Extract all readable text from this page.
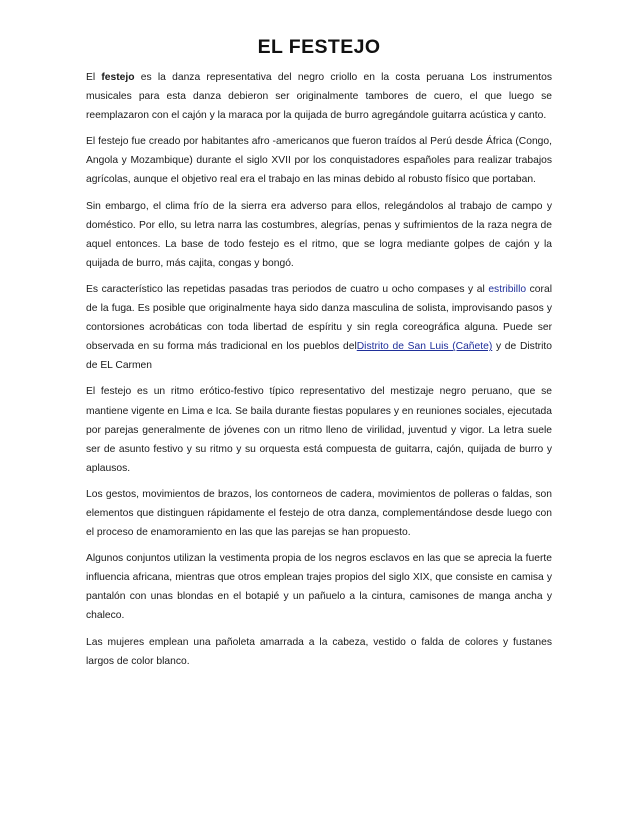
EL FESTEJO

El festejo es la danza representativa del negro criollo en la costa peruana Los instrumentos musicales para esta danza debieron ser originalmente tambores de cuero, el que luego se reemplazaron con el cajón y la maraca por la quijada de burro agregándole guitarra acústica y canto.

El festejo fue creado por habitantes afro -americanos que fueron traídos al Perú desde África (Congo, Angola y Mozambique) durante el siglo XVII por los conquistadores españoles para realizar trabajos agrícolas, aunque el objetivo real era el trabajo en las minas debido al robusto físico que portaban.

Sin embargo, el clima frío de la sierra era adverso para ellos, relegándolos al trabajo de campo y doméstico. Por ello, su letra narra las costumbres, alegrías, penas y sufrimientos de la raza negra de aquel entonces. La base de todo festejo es el ritmo, que se logra mediante golpes de cajón y la quijada de burro, más cajita, congas y bongó.

Es característico las repetidas pasadas tras periodos de cuatro u ocho compases y al estribillo coral de la fuga. Es posible que originalmente haya sido danza masculina de solista, improvisando pasos y contorsiones acrobáticas con toda libertad de espíritu y sin regla coreográfica alguna. Puede ser observada en su forma más tradicional en los pueblos delDistrito de San Luis (Cañete) y de Distrito de EL Carmen

El festejo es un ritmo erótico-festivo típico representativo del mestizaje negro peruano, que se mantiene vigente en Lima e Ica. Se baila durante fiestas populares y en reuniones sociales, ejecutada por parejas generalmente de jóvenes con un ritmo lleno de virilidad, juventud y vigor. La letra suele ser de asunto festivo y su ritmo y su orquesta está compuesta de guitarra, cajón, quijada de burro y aplausos.

Los gestos, movimientos de brazos, los contorneos de cadera, movimientos de polleras o faldas, son elementos que distinguen rápidamente el festejo de otra danza, complementándose desde luego con el proceso de enamoramiento en las que las parejas se han propuesto.

Algunos conjuntos utilizan la vestimenta propia de los negros esclavos en las que se aprecia la fuerte influencia africana, mientras que otros emplean trajes propios del siglo XIX, que consiste en camisa y pantalón con unas blondas en el botapié y un pañuelo a la cintura, camisones de manga ancha y chaleco.

Las mujeres emplean una pañoleta amarrada a la cabeza, vestido o falda de colores y fustanes largos de color blanco.
